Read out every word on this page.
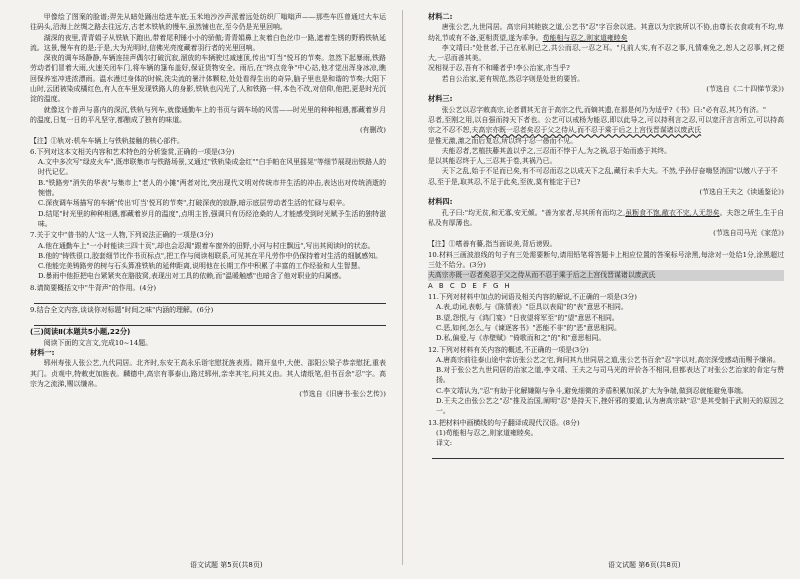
甲像绘了图案的脸谱;羿先从暗处踊出绘进车底;玉米地沙沙声派着远处纺织厂嗡嗡声——那些车匹曾通过大车运往码头,沿海上丝绸之路去往远方,古老木铁轨的慢车,虽然铺也在,至今仍是光里回响。

湖深的夜里,青青娟子从铁轨下跑出,带着尾利锤小小的骄傲;青青娟鼻上灰着白色丝巾一路,遮着生锈的野鸦铁轨延流。这景,慢车有的是;于是,大为光明时,信佛光亮度藏着羽行者的光里回响。

深夜的调车场静静,车辆连挂声偶尔打破沉寂,溜放的车辆驶过减速顶,传出"叮当"悦耳的节奏。忽然下起暴雨,铁路劳动者们冒着大雨,火速关闭车门,将车辆的篷布盖好,保证货物安全。雨后,在"终点竞争"中心站,他才觉出浑身冰凉,瞧回保养室冲进浓漂雨。温水漫过身体的时候,洗尖流的暑汁体颗粒,处处看得生出的奇异,脑子里也是和谐的节奏;大阳下山时,云团被染成橘红色,有人在车里发现铁路人的身影,铁轨也闪光了,人和铁路一样,本色不改,对信仰,他把,更是时光沉淀的温度。

就像这个普声与喜内的深沉,铁轨与列车,就像通勤车上的书页与调车场的风雪——时光里的种种相遇,都藏着岁月的温度,日复一日的平凡坚守,都酿成了独有的味道。

(有删改)

【注】①轨对:机车车辆上与铁轨接触的核心部件。

6.下列对这本文相关内容和艺术特色的分析鉴赏,正确的一项是(3分)

A.文中多次写"绿皮火车",既串联集市与铁路场景,又通过"铁轨染成金红""白手帕在风里摇晃"等细节展现出铁路人的时代记忆。

B."铁路旁"消失的华表"与集市上"老人的小摊"两者对比,突出现代文明对传统市井生活的冲击,表达出对传统消逝的惋惜。

C.深夜调车场描写的车辆"传出'叮当'悦耳的节奏",打破深夜的寂静,暗示底层劳动者生活的忙碌与艰辛。

D.结尾"时光里的种种相遇,都藏着岁月的温度",点明主旨,强调只有历经沧桑的人,才能感受到时光赋予生活的独特滋味。

7.关于文中"普书的人"这一人物,下列说法正确的一项是(3分)

A.他在通勤车上"一小时能读三四十页",却也会忍渴"跟着车窗外的田野,小河与村庄飘远",写出其阅读时的状态。

B.他的"铸铁很口,胶套细节比作书页标点",把工作与阅读相联系,可见其在平凡劳作中仍保持着对生活的细腻感知。

C.他能完美铸路旁的树与石头算准铁轨的延伸距离,说明他在长期工作中积累了丰富的工作经验和人生智慧。

D.暴雨中他拒把电台紧紧夹在胳肢窝,表现出对工具的依赖,而"温暖触感"也暗含了他对职业的归属感。

8.请简要概括文中"牛背声"的作用。(4分)

9.结合全文内容,谈谈你对标题"时间之味"内涵的理解。(6分)

(三)阅读Ⅱ(本题共5小题,22分)

阅读下面的文言文,完成10~14题。

材料一:

郓州寿张人张公艺,九代同居。北齐时,东安王高永乐诣宅慰抚旌表焉。隋开皇中,大使、邵阳公梁子恭亲慰抚,重表其门。贞观中,特敕吏加旌表。麟德中,高宗有事泰山,路过郓州,亲幸其宅,问其义由。其人请纸笔,但书百余"忍"字。高宗为之流涕,赐以缣帛。

(节选自《旧唐书·张公艺传》)

材料二:

唐张公艺,九世同居。高宗问其睦族之道,公艺书"忍"字百余以进。其意以为宗族所以不协,由尊长衣食或有不均,卑幼礼节或有不备,更相责望,遂为乖争。苟能相与忍之,则家道雍睦矣

李文靖曰:"处世者,于己在私则已之,共公而忍,一忍之耳。"凡前人实,有不忍之事,凡情难免之,恕人之忍事,何之便大,一忍而善其美。

况相视于忍,吾有不和睡者乎!李公治家,亦当乎?

若自公治家,更有规范,然忍字则是处世的要旨。

(节选自《二十四悌节录》)

材料三:

张公艺以忍字敕高宗,论者谓其无言于高宗之代,而嫡其遗,在那是何乃为适乎?《书》曰:"必有忍,其乃有济。"

忍者,至刚之用,以自强而持天下者也。公艺可以戒杨为能忍,即以此导之,可以持利言之忍,可以宽汗言言所立,可以持高宗之不忍不恕,夫高宗亦既一忍者矣忍于父之侍从,而不忍于乘于后之上宫伐晋谋诸以废武氏

是惟无激,激之而后复忍,所以终于忍一愚而不见。

夫能忍者,艺植扶藤其盖以乎之,三忍而不悖于人,为之祸,忍于始而惑于其终。

是以其能忍终于人,三忍其于卷,其祸乃已。

天下之乱,始于不足而已矣,有不可忍而忍之以成天下之乱,藏行未手大夫。不然,乎孙仔奋嗨竖消国"以缴八子于不

忍,至于是,取其忍,不足于此矣,至彼,莫有能定于已?

(节选自王夫之《读通鉴论》)

材料四:

孔子曰:"均无贫,和无寡,安无倾。"善为家者,尽其所有而均之,虽粝食不饱,敝衣不完,人无怨矣。夫怨之所生,生于自私及有厚薄也。

(节选自司马光《家范》)

【注】①嗜善有謩,指当面说美,背后谤毁。

10.材料三画波浪线的句子有三处需要断句,请用铅笔将答题卡上相应位置的答案标号涂黑,每涂对一处给1分,涂黑超过三处不给分。(3分)

夫高宗亦既一忍者矣忍于父之侍从而不忍于乘于后之上宫伐晋谋诸以废武氏

A B C D E F G H

11.下列对材料中加点的词语及相关内容的解说,不正确的一项是(3分)

A.表,动词,表彰,与《陈情表》"臣具以表闻"的"表"意思不相同。

B.望,怨恨,与《鸿门宴》"日夜望将军至"的"望"意思不相同。

C.恶,如何,怎么,与《谏逐客书》"恶能不非"的"恶"意思相同。

D.私,偏爱,与《赤壁赋》"倚歌而和之"的"和"意思相同。

12.下列对材料有关内容的概述,不正确的一项是(3分)

A.唐高宗前往泰山途中亲访张公艺之宅,询问其九世同居之道,张公艺书百余"忍"字以对,高宗深受感动而赐予缣帛。

B.对于张公艺九世同居的治家之道,李文靖、王夫之与司马光的评价各不相同,但都表达了对张公艺治家的肯定与赞扬。

C.李文靖认为,"忍"有助于化解嫌隙与争斗,避免细微的矛盾积累加深,扩大为争端,做到忍就能避免事端。

D.王夫之由张公艺之"忍"推及治国,阐明"忍"是持天下,挫奸邪的要道,认为唐高宗缺"忍"是其受制于武则天的原因之一。

13.把材料中画横线的句子翻译成现代汉语。(8分)

(1)苟能相与忍之,则家道雍睦矣。

译文:

语文试题 第5页(共8页)	语文试题 第6页(共8页)
